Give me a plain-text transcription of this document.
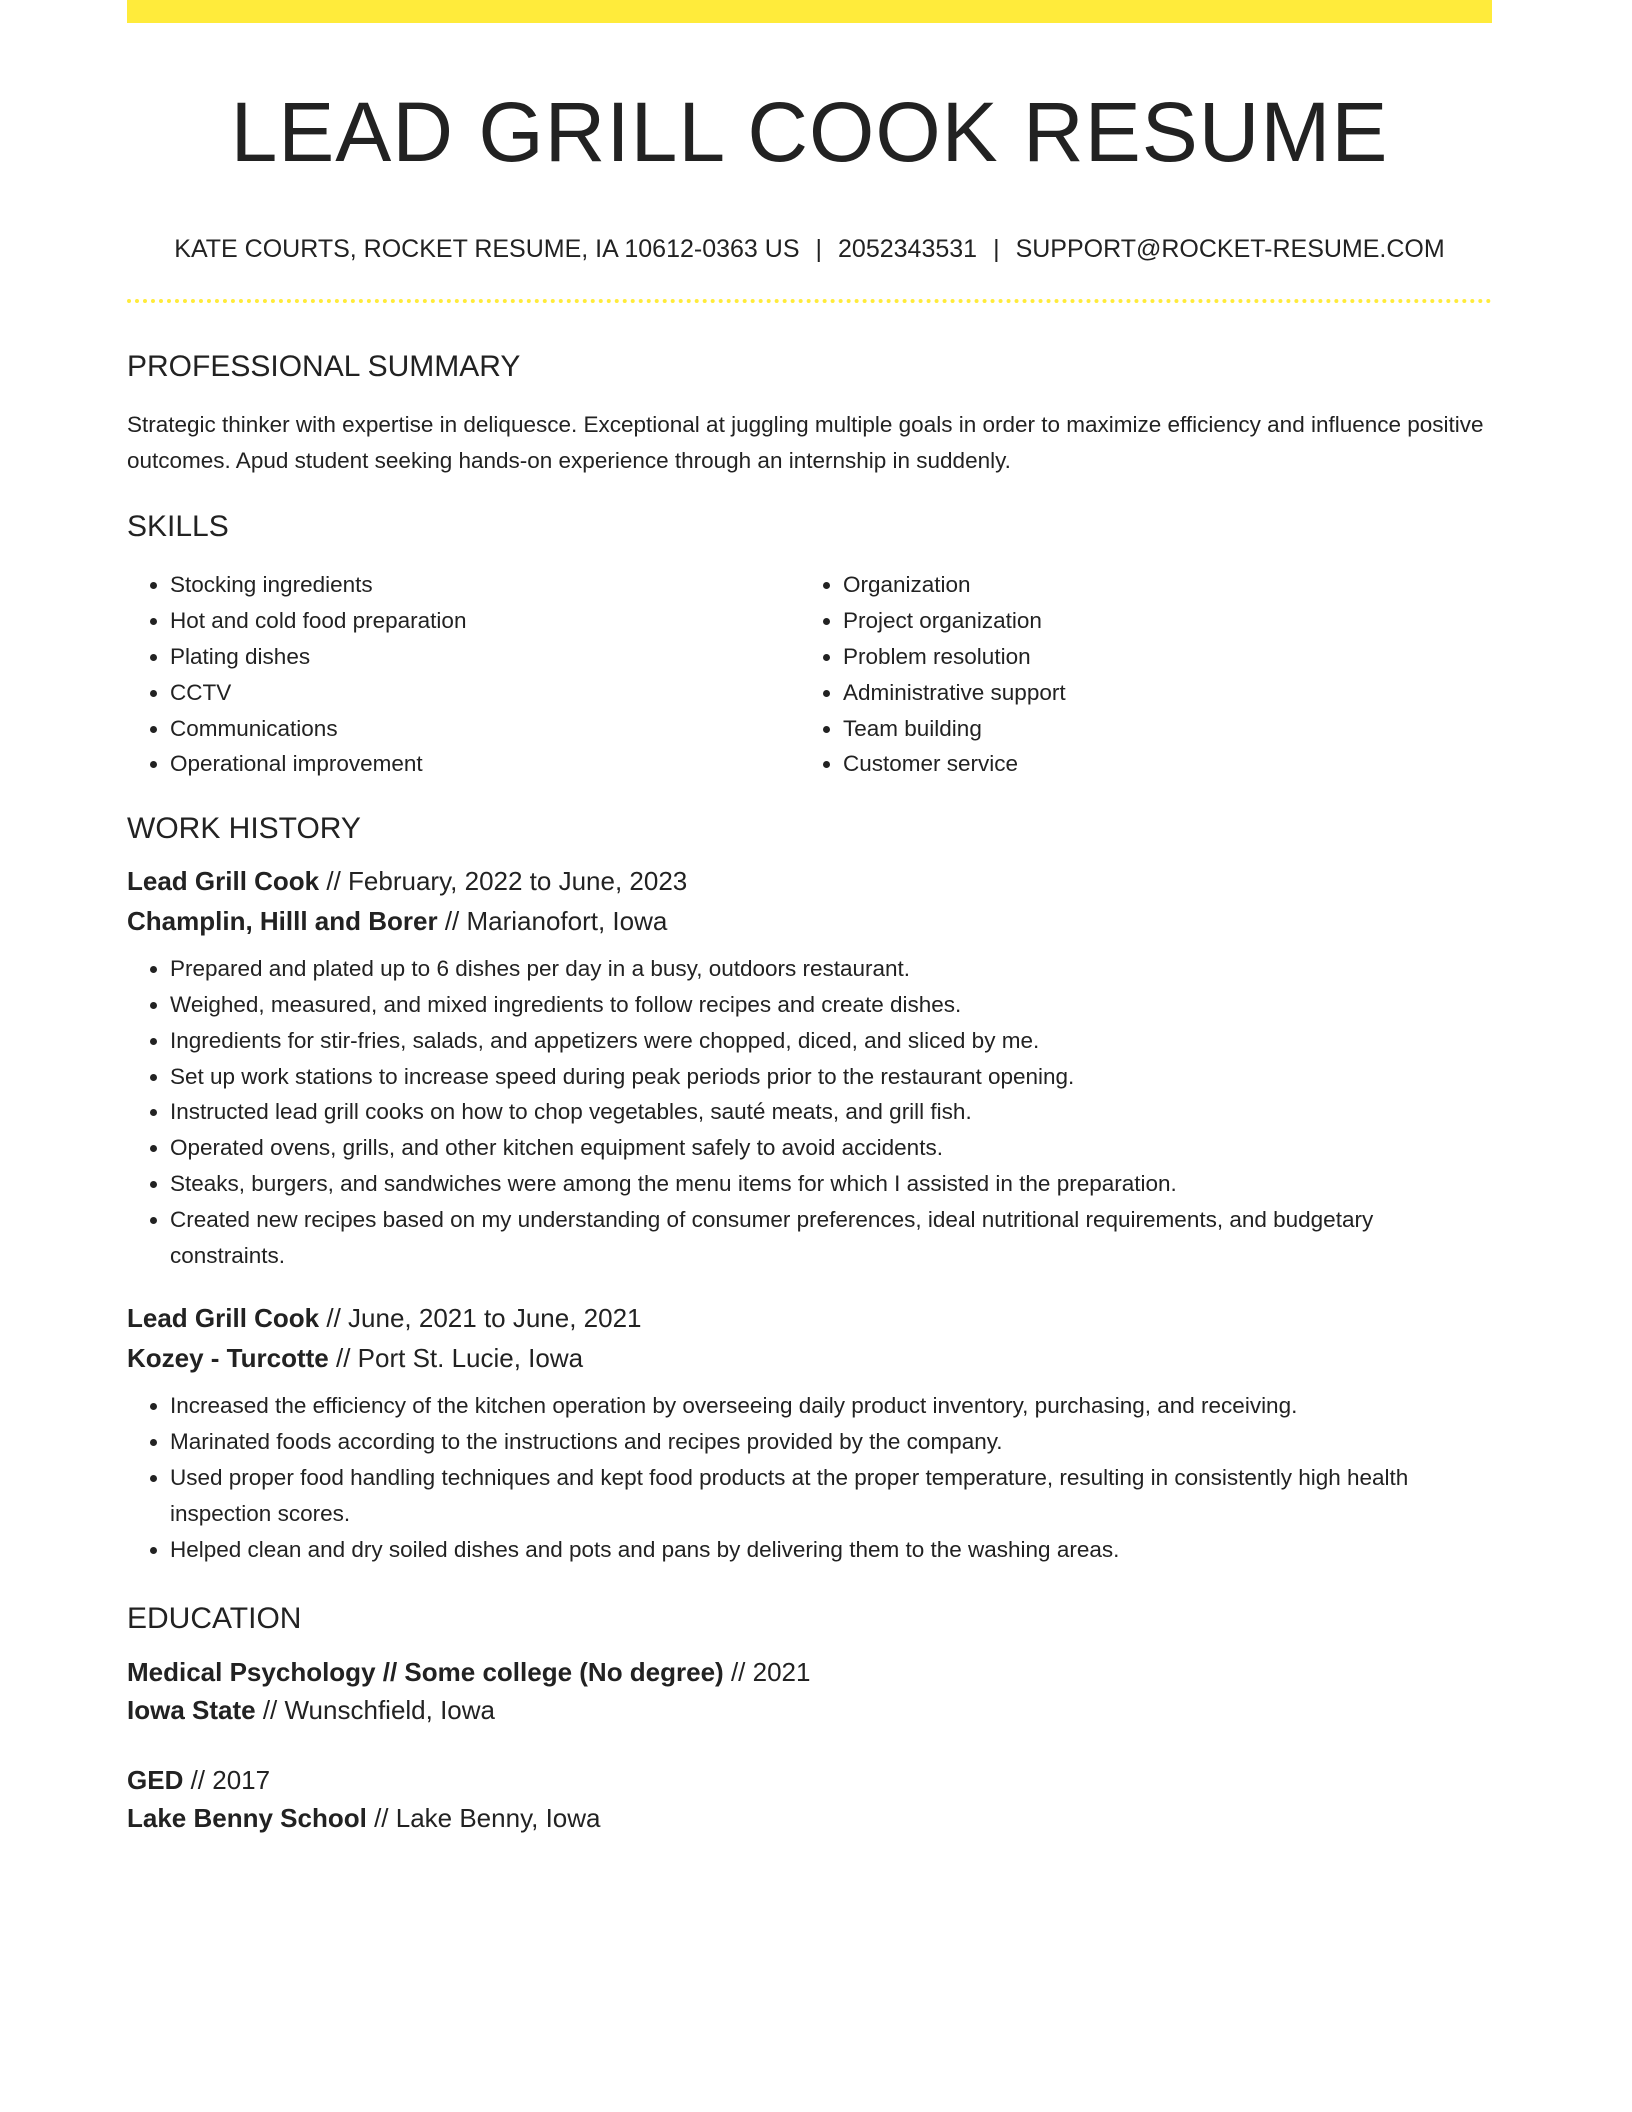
LEAD GRILL COOK RESUME
KATE COURTS, ROCKET RESUME, IA 10612-0363 US | 2052343531 | SUPPORT@ROCKET-RESUME.COM
PROFESSIONAL SUMMARY
Strategic thinker with expertise in deliquesce. Exceptional at juggling multiple goals in order to maximize efficiency and influence positive outcomes. Apud student seeking hands-on experience through an internship in suddenly.
SKILLS
• Stocking ingredients
• Hot and cold food preparation
• Plating dishes
• CCTV
• Communications
• Operational improvement
• Organization
• Project organization
• Problem resolution
• Administrative support
• Team building
• Customer service
WORK HISTORY
Lead Grill Cook // February, 2022 to June, 2023
Champlin, Hilll and Borer // Marianofort, Iowa
• Prepared and plated up to 6 dishes per day in a busy, outdoors restaurant.
• Weighed, measured, and mixed ingredients to follow recipes and create dishes.
• Ingredients for stir-fries, salads, and appetizers were chopped, diced, and sliced by me.
• Set up work stations to increase speed during peak periods prior to the restaurant opening.
• Instructed lead grill cooks on how to chop vegetables, sauté meats, and grill fish.
• Operated ovens, grills, and other kitchen equipment safely to avoid accidents.
• Steaks, burgers, and sandwiches were among the menu items for which I assisted in the preparation.
• Created new recipes based on my understanding of consumer preferences, ideal nutritional requirements, and budgetary constraints.
Lead Grill Cook // June, 2021 to June, 2021
Kozey - Turcotte // Port St. Lucie, Iowa
• Increased the efficiency of the kitchen operation by overseeing daily product inventory, purchasing, and receiving.
• Marinated foods according to the instructions and recipes provided by the company.
• Used proper food handling techniques and kept food products at the proper temperature, resulting in consistently high health inspection scores.
• Helped clean and dry soiled dishes and pots and pans by delivering them to the washing areas.
EDUCATION
Medical Psychology // Some college (No degree) // 2021
Iowa State // Wunschfield, Iowa
GED // 2017
Lake Benny School // Lake Benny, Iowa
